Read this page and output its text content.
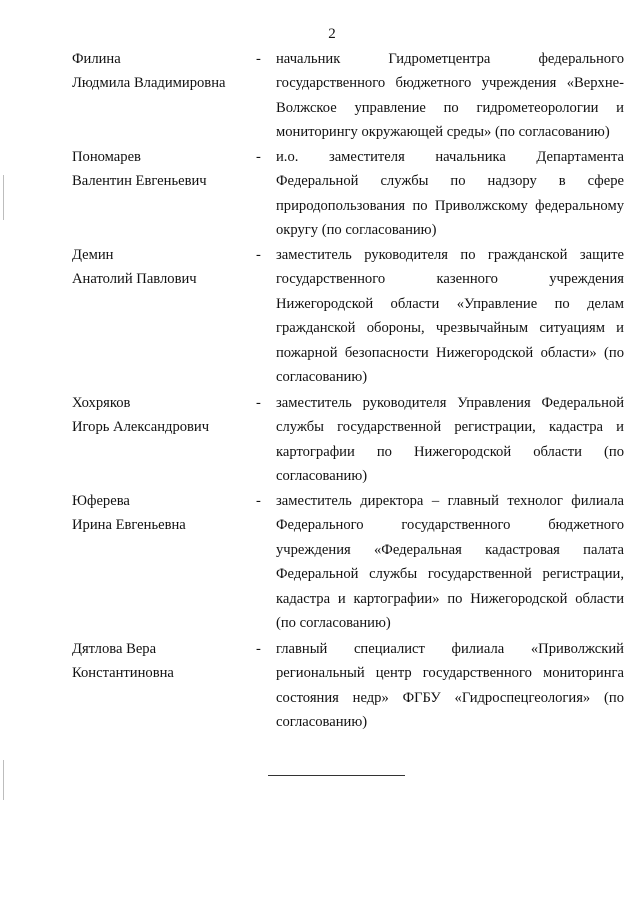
2
Филина
Людмила Владимировна
-	начальник Гидрометцентра федерального государственного бюджетного учреждения «Верхне-Волжское управление по гидрометеорологии и мониторингу окружающей среды» (по согласованию)
Пономарев
Валентин Евгеньевич
-	и.о. заместителя начальника Департамента Федеральной службы по надзору в сфере природопользования по Приволжскому федеральному округу (по согласованию)
Демин
Анатолий Павлович
-	заместитель руководителя по гражданской защите государственного казенного учреждения Нижегородской области «Управление по делам гражданской обороны, чрезвычайным ситуациям и пожарной безопасности Нижегородской области» (по согласованию)
Хохряков
Игорь Александрович
-	заместитель руководителя Управления Федеральной службы государственной регистрации, кадастра и картографии по Нижегородской области (по согласованию)
Юферева
Ирина Евгеньевна
-	заместитель директора – главный технолог филиала Федерального государственного бюджетного учреждения «Федеральная кадастровая палата Федеральной службы государственной регистрации, кадастра и картографии» по Нижегородской области (по согласованию)
Дятлова Вера
Константиновна
-	главный специалист филиала «Приволжский региональный центр государственного мониторинга состояния недр» ФГБУ «Гидроспецгеология» (по согласованию)
